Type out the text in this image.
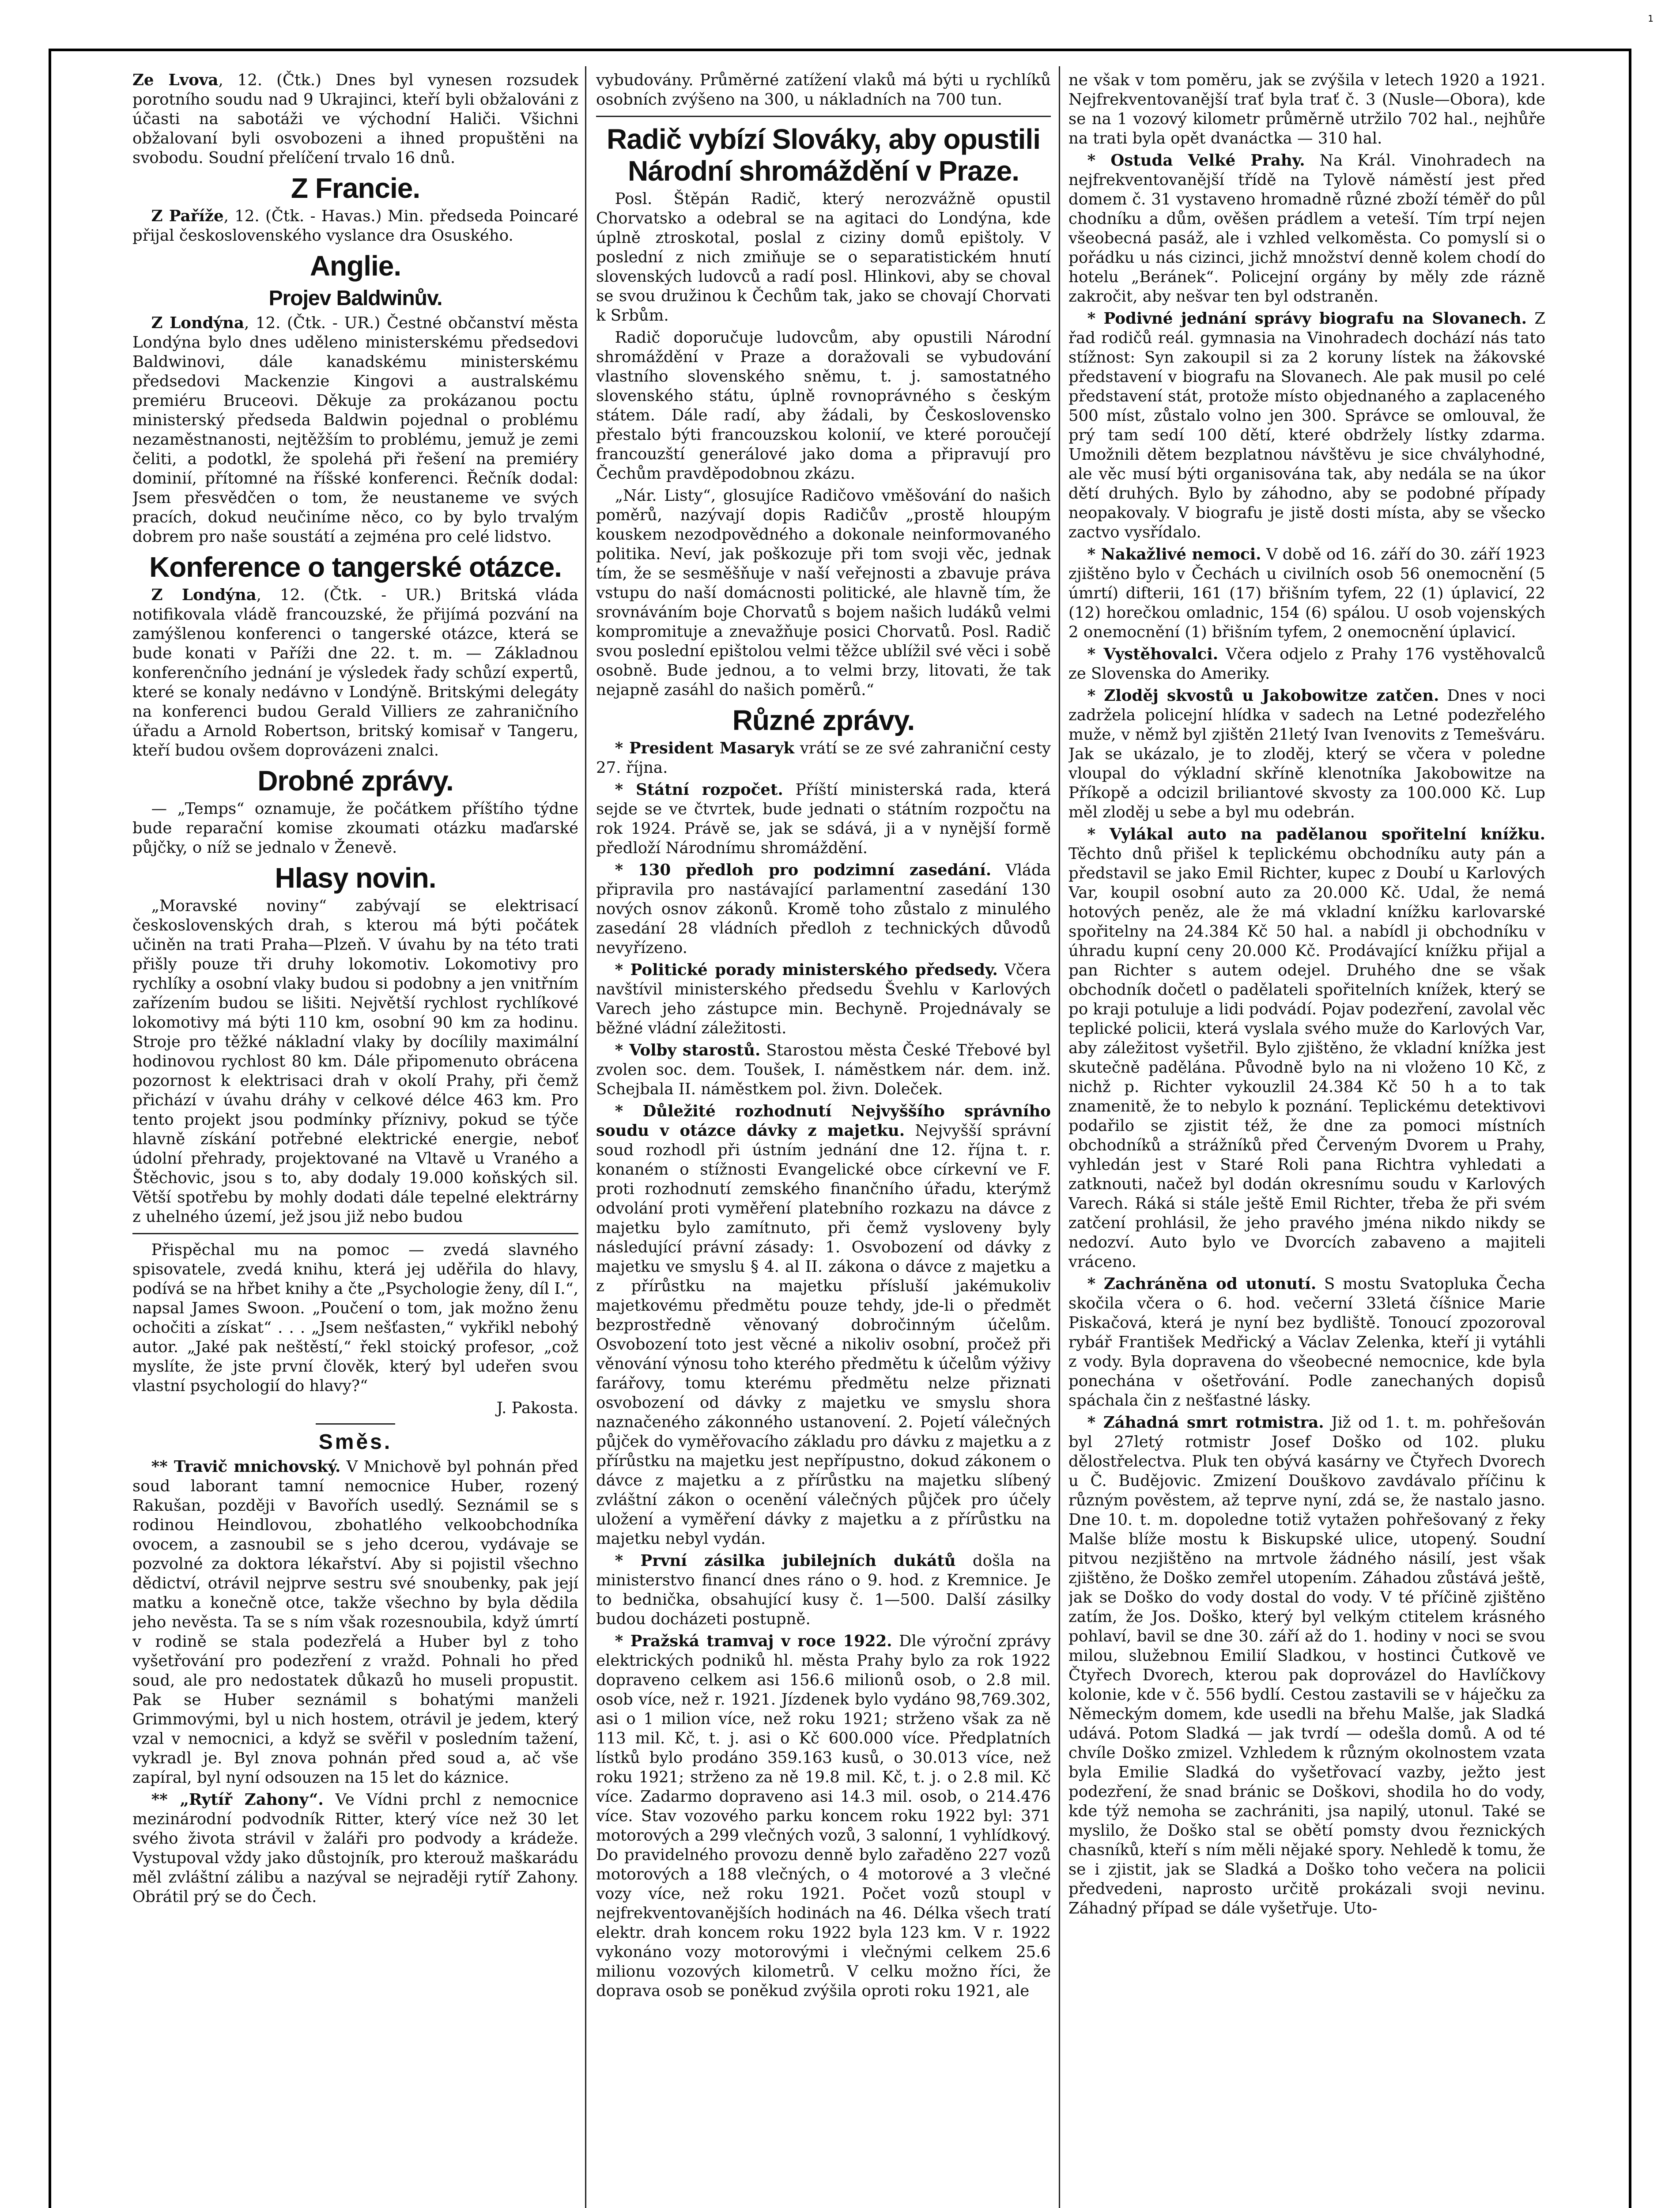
Ze Lvova, 12. (Čtk.) Dnes byl vynesen rozsudek porotního soudu nad 9 Ukrajinci, kteří byli obžalováni z účasti na sabotáži ve východní Haliči. Všichni obžalovaní byli osvobozeni a ihned propuštěni na svobodu. Soudní přelíčení trvalo 16 dnů.

Z Francie.

Z Paříže, 12. (Čtk. - Havas.) Min. předseda Poincaré přijal československého vyslance dra Osuského.

Anglie.
Projev Baldwinův.

Z Londýna, 12. (Čtk. - UR.) Čestné občanství města Londýna bylo dnes uděleno ministerskému předsedovi Baldwinovi, dále kanadskému ministerskému předsedovi Mackenzie Kingovi a australskému premiéru Bruceovi. Děkuje za prokázanou poctu ministerský předseda Baldwin pojednal o problému nezaměstnanosti, nejtěžším to problému, jemuž je zemi čeliti, a podotkl, že spolehá při řešení na premiéry dominií, přítomné na říšské konferenci. Řečník dodal: Jsem přesvědčen o tom, že neustaneme ve svých pracích, dokud neučiníme něco, co by bylo trvalým dobrem pro naše soustátí a zejména pro celé lidstvo.

Konference o tangerské otázce.

Z Londýna, 12. (Čtk. - UR.) Britská vláda notifikovala vládě francouzské, že přijímá pozvání na zamýšlenou konferenci o tangerské otázce, která se bude konati v Paříži dne 22. t. m. — Základnou konferenčního jednání je výsledek řady schůzí expertů, které se konaly nedávno v Londýně. Britskými delegáty na konferenci budou Gerald Villiers ze zahraničního úřadu a Arnold Robertson, britský komisař v Tangeru, kteří budou ovšem doprovázeni znalci.

Drobné zprávy.

— „Temps“ oznamuje, že počátkem příštího týdne bude reparační komise zkoumati otázku maďarské půjčky, o níž se jednalo v Ženevě.

Hlasy novin.

„Moravské noviny“ zabývají se elektrisací československých drah, s kterou má býti počátek učiněn na trati Praha—Plzeň. V úvahu by na této trati přišly pouze tři druhy lokomotiv. Lokomotivy pro rychlíky a osobní vlaky budou si podobny a jen vnitřním zařízením budou se lišiti. Největší rychlost rychlíkové lokomotivy má býti 110 km, osobní 90 km za hodinu. Stroje pro těžké nákladní vlaky by docílily maximální hodinovou rychlost 80 km. Dále připomenuto obrácena pozornost k elektrisaci drah v okolí Prahy, při čemž přichází v úvahu dráhy v celkové délce 463 km. Pro tento projekt jsou podmínky příznivy, pokud se týče hlavně získání potřebné elektrické energie, neboť údolní přehrady, projektované na Vltavě u Vraného a Štěchovic, jsou s to, aby dodaly 19.000 koňských sil. Větší spotřebu by mohly dodati dále tepelné elektrárny z uhelného území, jež jsou již nebo budou

Přispěchal mu na pomoc — zvedá slavného spisovatele, zvedá knihu, která jej uděřila do hlavy, podívá se na hřbet knihy a čte „Psychologie ženy, díl I.“, napsal James Swoon. „Poučení o tom, jak možno ženu ochočiti a získat“ . . . „Jsem nešťasten,“ vykřikl nebohý autor. „Jaké pak neštěstí,“ řekl stoický profesor, „což myslíte, že jste první člověk, který byl udeřen svou vlastní psychologií do hlavy?“

J. Pakosta.

Směs.

** Travič mnichovský. V Mnichově byl pohnán před soud laborant tamní nemocnice Huber, rozený Rakušan, později v Bavořích usedlý. Seznámil se s rodinou Heindlovou, zbohatlého velkoobchodníka ovocem, a zasnoubil se s jeho dcerou, vydávaje se pozvolné za doktora lékařství. Aby si pojistil všechno dědictví, otrávil nejprve sestru své snoubenky, pak její matku a konečně otce, takže všechno by byla dědila jeho nevěsta. Ta se s ním však rozesnoubila, když úmrtí v rodině se stala podezřelá a Huber byl z toho vyšetřování pro podezření z vražd. Pohnali ho před soud, ale pro nedostatek důkazů ho museli propustit. Pak se Huber seznámil s bohatými manželi Grimmovými, byl u nich hostem, otrávil je jedem, který vzal v nemocnici, a když se svěřil v posledním tažení, vykradl je. Byl znova pohnán před soud a, ač vše zapíral, byl nyní odsouzen na 15 let do káznice.

** „Rytíř Zahony“. Ve Vídni prchl z nemocnice mezinárodní podvodník Ritter, který více než 30 let svého života strávil v žaláři pro podvody a krádeže. Vystupoval vždy jako důstojník, pro kterouž maškarádu měl zvláštní zálibu a nazýval se nejraději rytíř Zahony. Obrátil prý se do Čech.

vybudovány. Průměrné zatížení vlaků má býti u rychlíků osobních zvýšeno na 300, u nákladních na 700 tun.

Radič vybízí Slováky, aby opustili Národní shromáždění v Praze.

Posl. Štěpán Radič, který nerozvážně opustil Chorvatsko a odebral se na agitaci do Londýna, kde úplně ztroskotal, poslal z ciziny domů epištoly. V poslední z nich zmiňuje se o separatistickém hnutí slovenských ludovců a radí posl. Hlinkovi, aby se choval se svou družinou k Čechům tak, jako se chovají Chorvati k Srbům.

Radič doporučuje ludovcům, aby opustili Národní shromáždění v Praze a doražovali se vybudování vlastního slovenského sněmu, t. j. samostatného slovenského státu, úplně rovnoprávného s českým státem. Dále radí, aby žádali, by Československo přestalo býti francouzskou kolonií, ve které poroučejí francouzští generálové jako doma a připravují pro Čechům pravděpodobnou zkázu.

„Nár. Listy“, glosujíce Radičovo vměšování do našich poměrů, nazývají dopis Radičův „prostě hloupým kouskem nezodpovědného a dokonale neinformovaného politika. Neví, jak poškozuje při tom svoji věc, jednak tím, že se sesměšňuje v naší veřejnosti a zbavuje práva vstupu do naší domácnosti politické, ale hlavně tím, že srovnáváním boje Chorvatů s bojem našich ludáků velmi kompromituje a znevažňuje posici Chorvatů. Posl. Radič svou poslední epištolou velmi těžce ublížil své věci i sobě osobně. Bude jednou, a to velmi brzy, litovati, že tak nejapně zasáhl do našich poměrů.“

Různé zprávy.

* President Masaryk vrátí se ze své zahraniční cesty 27. října.

* Státní rozpočet. Příští ministerská rada, která sejde se ve čtvrtek, bude jednati o státním rozpočtu na rok 1924. Právě se, jak se sdává, ji a v nynější formě předloží Národnímu shromáždění.

* 130 předloh pro podzimní zasedání. Vláda připravila pro nastávající parlamentní zasedání 130 nových osnov zákonů. Kromě toho zůstalo z minulého zasedání 28 vládních předloh z technických důvodů nevyřízeno.

* Politické porady ministerského předsedy. Včera navštívil ministerského předsedu Švehlu v Karlových Varech jeho zástupce min. Bechyně. Projednávaly se běžné vládní záležitosti.

* Volby starostů. Starostou města České Třebové byl zvolen soc. dem. Toušek, I. náměstkem nár. dem. inž. Schejbala II. náměstkem pol. živn. Doleček.

* Důležité rozhodnutí Nejvyššího správního soudu v otázce dávky z majetku. Nejvyšší správní soud rozhodl při ústním jednání dne 12. října t. r. konaném o stížnosti Evangelické obce církevní ve F. proti rozhodnutí zemského finančního úřadu, kterýmž odvolání proti vyměření platebního rozkazu na dávce z majetku bylo zamítnuto, při čemž vysloveny byly následující právní zásady: 1. Osvobození od dávky z majetku ve smyslu § 4. al II. zákona o dávce z majetku a z přírůstku na majetku přísluší jakémukoliv majetkovému předmětu pouze tehdy, jde-li o předmět bezprostředně věnovaný dobročinným účelům. Osvobození toto jest věcné a nikoliv osobní, pročež při věnování výnosu toho kterého předmětu k účelům výživy farářovy, tomu kterému předmětu nelze přiznati osvobození od dávky z majetku ve smyslu shora naznačeného zákonného ustanovení. 2. Pojetí válečných půjček do vyměřovacího základu pro dávku z majetku a z přírůstku na majetku jest nepřípustno, dokud zákonem o dávce z majetku a z přírůstku na majetku slíbený zvláštní zákon o ocenění válečných půjček pro účely uložení a vyměření dávky z majetku a z přírůstku na majetku nebyl vydán.

* První zásilka jubilejních dukátů došla na ministerstvo financí dnes ráno o 9. hod. z Kremnice. Je to bednička, obsahující kusy č. 1—500. Další zásilky budou docházeti postupně.

* Pražská tramvaj v roce 1922. Dle výroční zprávy elektrických podniků hl. města Prahy bylo za rok 1922 dopraveno celkem asi 156.6 milionů osob, o 2.8 mil. osob více, než r. 1921. Jízdenek bylo vydáno 98,769.302, asi o 1 milion více, než roku 1921; strženo však za ně 113 mil. Kč, t. j. asi o Kč 600.000 více. Předplatních lístků bylo prodáno 359.163 kusů, o 30.013 více, než roku 1921; strženo za ně 19.8 mil. Kč, t. j. o 2.8 mil. Kč více. Zadarmo dopraveno asi 14.3 mil. osob, o 214.476 více. Stav vozového parku koncem roku 1922 byl: 371 motorových a 299 vlečných vozů, 3 salonní, 1 vyhlídkový. Do pravidelného provozu denně bylo zařaděno 227 vozů motorových a 188 vlečných, o 4 motorové a 3 vlečné vozy více, než roku 1921. Počet vozů stoupl v nejfrekventovanějších hodinách na 46. Délka všech tratí elektr. drah koncem roku 1922 byla 123 km. V r. 1922 vykonáno vozy motorovými i vlečnými celkem 25.6 milionu vozových kilometrů. V celku možno říci, že doprava osob se poněkud zvýšila oproti roku 1921, ale

ne však v tom poměru, jak se zvýšila v letech 1920 a 1921. Nejfrekventovanější trať byla trať č. 3 (Nusle—Obora), kde se na 1 vozový kilometr průměrně utržilo 702 hal., nejhůře na trati byla opět dvanáctka — 310 hal.

* Ostuda Velké Prahy. Na Král. Vinohradech na nejfrekventovanější třídě na Tylově náměstí jest před domem č. 31 vystaveno hromadně různé zboží téměř do půl chodníku a dům, ověšen prádlem a veteší. Tím trpí nejen všeobecná pasáž, ale i vzhled velkoměsta. Co pomyslí si o pořádku u nás cizinci, jichž množství denně kolem chodí do hotelu „Beránek“. Policejní orgány by měly zde rázně zakročit, aby nešvar ten byl odstraněn.

* Podivné jednání správy biografu na Slovanech. Z řad rodičů reál. gymnasia na Vinohradech dochází nás tato stížnost: Syn zakoupil si za 2 koruny lístek na žákovské představení v biografu na Slovanech. Ale pak musil po celé představení stát, protože místo objednaného a zaplaceného 500 míst, zůstalo volno jen 300. Správce se omlouval, že prý tam sedí 100 dětí, které obdržely lístky zdarma. Umožnili dětem bezplatnou návštěvu je sice chvályhodné, ale věc musí býti organisována tak, aby nedála se na úkor dětí druhých. Bylo by záhodno, aby se podobné případy neopakovaly. V biografu je jistě dosti místa, aby se všecko zactvo vysřídalo.

* Nakažlivé nemoci. V době od 16. září do 30. září 1923 zjištěno bylo v Čechách u civilních osob 56 onemocnění (5 úmrtí) difterii, 161 (17) břišním tyfem, 22 (1) úplavicí, 22 (12) horečkou omladnic, 154 (6) spálou. U osob vojenských 2 onemocnění (1) břišním tyfem, 2 onemocnění úplavicí.

* Vystěhovalci. Včera odjelo z Prahy 176 vystěhovalců ze Slovenska do Ameriky.

* Zloděj skvostů u Jakobowitze zatčen. Dnes v noci zadržela policejní hlídka v sadech na Letné podezřelého muže, v němž byl zjištěn 21letý Ivan Ivenovits z Temešváru. Jak se ukázalo, je to zloděj, který se včera v poledne vloupal do výkladní skříně klenotníka Jakobowitze na Příkopě a odcizil briliantové skvosty za 100.000 Kč. Lup měl zloděj u sebe a byl mu odebrán.

* Vylákal auto na padělanou spořitelní knížku. Těchto dnů přišel k teplickému obchodníku auty pán a představil se jako Emil Richter, kupec z Doubí u Karlových Var, koupil osobní auto za 20.000 Kč. Udal, že nemá hotových peněz, ale že má vkladní knížku karlovarské spořitelny na 24.384 Kč 50 hal. a nabídl ji obchodníku v úhradu kupní ceny 20.000 Kč. Prodávající knížku přijal a pan Richter s autem odejel. Druhého dne se však obchodník dočetl o padělateli spořitelních knížek, který se po kraji potuluje a lidi podvádí. Pojav podezření, zavolal věc teplické policii, která vyslala svého muže do Karlových Var, aby záležitost vyšetřil. Bylo zjištěno, že vkladní knížka jest skutečně padělána. Původně bylo na ni vloženo 10 Kč, z nichž p. Richter vykouzlil 24.384 Kč 50 h a to tak znamenitě, že to nebylo k poznání. Teplickému detektivovi podařilo se zjistit též, že dne za pomoci místních obchodníků a strážníků před Červeným Dvorem u Prahy, vyhledán jest v Staré Roli pana Richtra vyhledati a zatknouti, načež byl dodán okresnímu soudu v Karlových Varech. Ráká si stále ještě Emil Richter, třeba že při svém zatčení prohlásil, že jeho pravého jména nikdo nikdy se nedozví. Auto bylo ve Dvorcích zabaveno a majiteli vráceno.

* Zachráněna od utonutí. S mostu Svatopluka Čecha skočila včera o 6. hod. večerní 33letá číšnice Marie Piskačová, která je nyní bez bydliště. Tonoucí zpozoroval rybář František Medřický a Václav Zelenka, kteří ji vytáhli z vody. Byla dopravena do všeobecné nemocnice, kde byla ponechána v ošetřování. Podle zanechaných dopisů spáchala čin z nešťastné lásky.

* Záhadná smrt rotmistra. Již od 1. t. m. pohřešován byl 27letý rotmistr Josef Doško od 102. pluku dělostřelectva. Pluk ten obývá kasárny ve Čtyřech Dvorech u Č. Budějovic. Zmizení Douškovo zavdávalo příčinu k různým pověstem, až teprve nyní, zdá se, že nastalo jasno. Dne 10. t. m. dopoledne totiž vytažen pohřešovaný z řeky Malše blíže mostu k Biskupské ulice, utopený. Soudní pitvou nezjištěno na mrtvole žádného násilí, jest však zjištěno, že Doško zemřel utopením. Záhadou zůstává ještě, jak se Doško do vody dostal do vody. V té příčině zjištěno zatím, že Jos. Doško, který byl velkým ctitelem krásného pohlaví, bavil se dne 30. září až do 1. hodiny v noci se svou milou, služebnou Emilií Sladkou, v hostinci Čutkově ve Čtyřech Dvorech, kterou pak doprovázel do Havlíčkovy kolonie, kde v č. 556 bydlí. Cestou zastavili se v háječku za Německým domem, kde usedli na břehu Malše, jak Sladká udává. Potom Sladká — jak tvrdí — odešla domů. A od té chvíle Doško zmizel. Vzhledem k různým okolnostem vzata byla Emilie Sladká do vyšetřovací vazby, ježto jest podezření, že snad bránic se Doškovi, shodila ho do vody, kde týž nemoha se zachrániti, jsa napilý, utonul. Také se myslilo, že Doško stal se obětí pomsty dvou řeznických chasníků, kteří s ním měli nějaké spory. Nehledě k tomu, že se i zjistit, jak se Sladká a Doško toho večera na policii předvedeni, naprosto určitě prokázali svoji nevinu. Záhadný případ se dále vyšetřuje. Uto-

1
